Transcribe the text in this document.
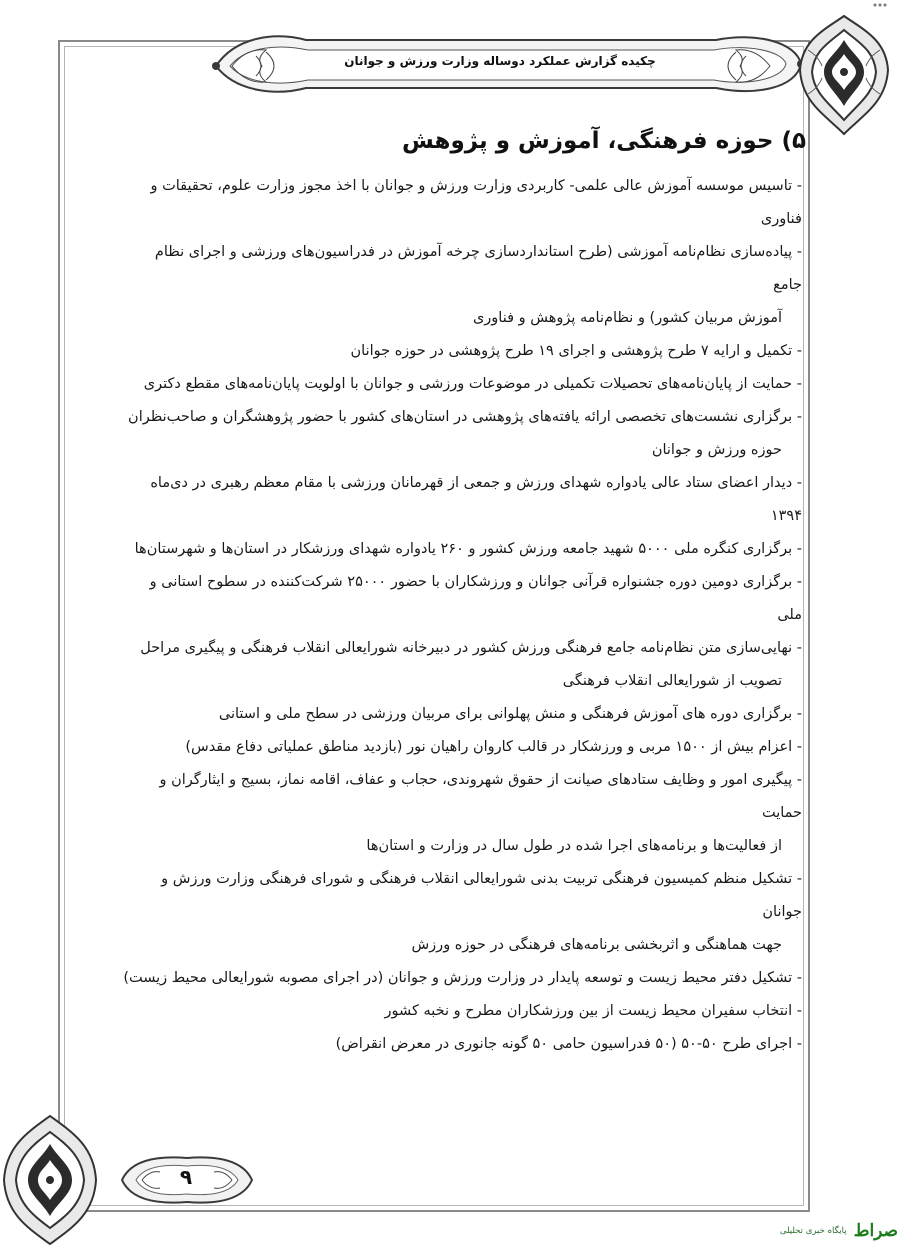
چکیده گزارش عملکرد دوساله وزارت ورزش و جوانان
۵) حوزه فرهنگی، آموزش و پژوهش
- تاسیس موسسه آموزش عالی علمی- کاربردی وزارت ورزش و جوانان با اخذ مجوز وزارت علوم، تحقیقات و فناوری
- پیاده‌سازی نظام‌نامه آموزشی (طرح استانداردسازی چرخه آموزش در فدراسیون‌های ورزشی و اجرای نظام جامع
آموزش مربیان کشور) و نظام‌نامه پژوهش و فناوری
- تکمیل و ارایه ۷ طرح پژوهشی و اجرای ۱۹ طرح پژوهشی در حوزه جوانان
- حمایت از پایان‌نامه‌های تحصیلات تکمیلی در موضوعات ورزشی و جوانان با اولویت پایان‌نامه‌های مقطع دکتری
- برگزاری نشست‌های تخصصی ارائه یافته‌های پژوهشی در استان‌های کشور با حضور پژوهشگران و صاحب‌نظران
حوزه ورزش و جوانان
- دیدار اعضای ستاد عالی یادواره شهدای ورزش و جمعی از قهرمانان ورزشی با مقام معظم رهبری در دی‌ماه ۱۳۹۴
- برگزاری کنگره ملی ۵۰۰۰ شهید جامعه ورزش کشور و ۲۶۰ یادواره شهدای ورزشکار در استان‌ها و شهرستان‌ها
- برگزاری دومین دوره جشنواره قرآنی جوانان و ورزشکاران با حضور ۲۵۰۰۰ شرکت‌کننده در سطوح استانی و ملی
- نهایی‌سازی متن نظام‌نامه جامع فرهنگی ورزش کشور در دبیرخانه شورایعالی انقلاب فرهنگی و پیگیری مراحل
تصویب از شورایعالی انقلاب فرهنگی
- برگزاری دوره های آموزش فرهنگی و منش پهلوانی برای مربیان ورزشی در سطح ملی و استانی
- اعزام بیش از ۱۵۰۰ مربی و ورزشکار در قالب کاروان راهیان نور (بازدید مناطق عملیاتی دفاع مقدس)
- پیگیری امور و وظایف ستادهای صیانت از حقوق شهروندی، حجاب و عفاف، اقامه نماز، بسیج و ایثارگران و حمایت
از فعالیت‌ها و برنامه‌های اجرا شده در طول سال در وزارت و استان‌ها
- تشکیل منظم کمیسیون فرهنگی تربیت بدنی شورایعالی انقلاب فرهنگی و شورای فرهنگی وزارت ورزش و جوانان
جهت هماهنگی و اثربخشی برنامه‌های فرهنگی در حوزه ورزش
- تشکیل دفتر محیط زیست و توسعه پایدار در وزارت ورزش و جوانان (در اجرای مصوبه شورایعالی محیط زیست)
- انتخاب سفیران محیط زیست از بین ورزشکاران مطرح و نخبه کشور
- اجرای طرح ۵۰-۵۰ (۵۰ فدراسیون حامی ۵۰ گونه جانوری در معرض انقراض)
۹
صراط پایگاه خبری تحلیلی
